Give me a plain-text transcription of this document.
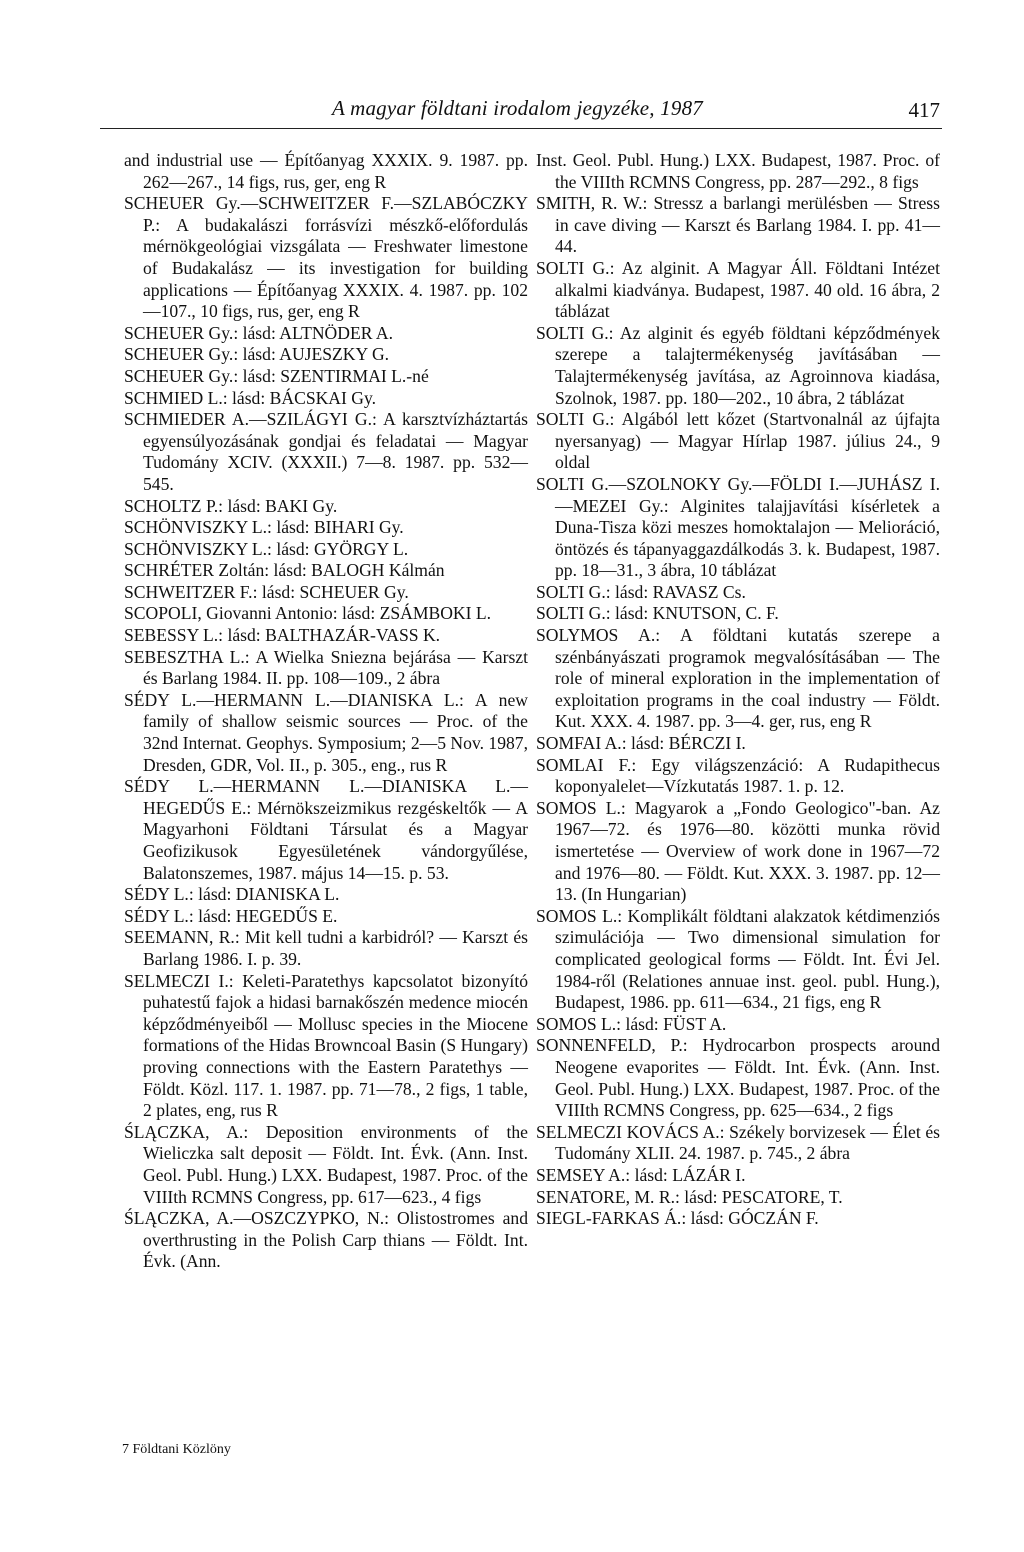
A magyar földtani irodalom jegyzéke, 1987	417
and industrial use — Építőanyag XXXIX. 9. 1987. pp. 262—267., 14 figs, rus, ger, eng R
SCHEUER Gy.—SCHWEITZER F.—SZLABÓCZKY P.: A budakalászi forrásvízi mészkő-előfordulás mérnökgeológiai vizsgálata — Freshwater limestone of Budakalász — its investigation for building applications — Építőanyag XXXIX. 4. 1987. pp. 102—107., 10 figs, rus, ger, eng R
SCHEUER Gy.: lásd: ALTNÖDER A.
SCHEUER Gy.: lásd: AUJESZKY G.
SCHEUER Gy.: lásd: SZENTIRMAI L.-né
SCHMIED L.: lásd: BÁCSKAI Gy.
SCHMIEDER A.—SZILÁGYI G.: A karsztvízháztartás egyensúlyozásának gondjai és feladatai — Magyar Tudomány XCIV. (XXXII.) 7—8. 1987. pp. 532—545.
SCHOLTZ P.: lásd: BAKI Gy.
SCHÖNVISZKY L.: lásd: BIHARI Gy.
SCHÖNVISZKY L.: lásd: GYÖRGY L.
SCHRÉTER Zoltán: lásd: BALOGH Kálmán
SCHWEITZER F.: lásd: SCHEUER Gy.
SCOPOLI, Giovanni Antonio: lásd: ZSÁMBOKI L.
SEBESSY L.: lásd: BALTHAZÁR-VASS K.
SEBESZTHA L.: A Wielka Sniezna bejárása — Karszt és Barlang 1984. II. pp. 108—109., 2 ábra
SÉDY L.—HERMANN L.—DIANISKA L.: A new family of shallow seismic sources — Proc. of the 32nd Internat. Geophys. Symposium; 2—5 Nov. 1987, Dresden, GDR, Vol. II., p. 305., eng., rus R
SÉDY L.—HERMANN L.—DIANISKA L.—HEGEDŰS E.: Mérnökszeizmikus rezgéskeltők — A Magyarhoni Földtani Társulat és a Magyar Geofizikusok Egyesületének vándorgyűlése, Balatonszemes, 1987. május 14—15. p. 53.
SÉDY L.: lásd: DIANISKA L.
SÉDY L.: lásd: HEGEDŰS E.
SEEMANN, R.: Mit kell tudni a karbidról? — Karszt és Barlang 1986. I. p. 39.
SELMECZI I.: Keleti-Paratethys kapcsolatot bizonyító puhatestű fajok a hidasi barnakőszén medence miocén képződményeiből — Mollusc species in the Miocene formations of the Hidas Browncoal Basin (S Hungary) proving connections with the Eastern Paratethys — Földt. Közl. 117. 1. 1987. pp. 71—78., 2 figs, 1 table, 2 plates, eng, rus R
ŚLĄCZKA, A.: Deposition environments of the Wieliczka salt deposit — Földt. Int. Évk. (Ann. Inst. Geol. Publ. Hung.) LXX. Budapest, 1987. Proc. of the VIIIth RCMNS Congress, pp. 617—623., 4 figs
ŚLĄCZKA, A.—OSZCZYPKO, N.: Olistostromes and overthrusting in the Polish Carp thians — Földt. Int. Évk. (Ann.
Inst. Geol. Publ. Hung.) LXX. Budapest, 1987. Proc. of the VIIIth RCMNS Congress, pp. 287—292., 8 figs
SMITH, R. W.: Stressz a barlangi merülésben — Stress in cave diving — Karszt és Barlang 1984. I. pp. 41—44.
SOLTI G.: Az alginit. A Magyar Áll. Földtani Intézet alkalmi kiadványa. Budapest, 1987. 40 old. 16 ábra, 2 táblázat
SOLTI G.: Az alginit és egyéb földtani képződmények szerepe a talajtermékenység javításában — Talajtermékenység javítása, az Agroinnova kiadása, Szolnok, 1987. pp. 180—202., 10 ábra, 2 táblázat
SOLTI G.: Algából lett kőzet (Startvonalnál az újfajta nyersanyag) — Magyar Hírlap 1987. július 24., 9 oldal
SOLTI G.—SZOLNOKY Gy.—FÖLDI I.—JUHÁSZ I.—MEZEI Gy.: Alginites talajjavítási kísérletek a Duna-Tisza közi meszes homoktalajon — Melioráció, öntözés és tápanyaggazdálkodás 3. k. Budapest, 1987. pp. 18—31., 3 ábra, 10 táblázat
SOLTI G.: lásd: RAVASZ Cs.
SOLTI G.: lásd: KNUTSON, C. F.
SOLYMOS A.: A földtani kutatás szerepe a szénbányászati programok megvalósításában — The role of mineral exploration in the implementation of exploitation programs in the coal industry — Földt. Kut. XXX. 4. 1987. pp. 3—4. ger, rus, eng R
SOMFAI A.: lásd: BÉRCZI I.
SOMLAI F.: Egy világszenzáció: A Rudapithecus koponyalelet—Vízkutatás 1987. 1. p. 12.
SOMOS L.: Magyarok a „Fondo Geologico"-ban. Az 1967—72. és 1976—80. közötti munka rövid ismertetése — Overview of work done in 1967—72 and 1976—80. — Földt. Kut. XXX. 3. 1987. pp. 12—13. (In Hungarian)
SOMOS L.: Komplikált földtani alakzatok kétdimenziós szimulációja — Two dimensional simulation for complicated geological forms — Földt. Int. Évi Jel. 1984-ről (Relationes annuae inst. geol. publ. Hung.), Budapest, 1986. pp. 611—634., 21 figs, eng R
SOMOS L.: lásd: FÜST A.
SONNENFELD, P.: Hydrocarbon prospects around Neogene evaporites — Földt. Int. Évk. (Ann. Inst. Geol. Publ. Hung.) LXX. Budapest, 1987. Proc. of the VIIIth RCMNS Congress, pp. 625—634., 2 figs
SELMECZI KOVÁCS A.: Székely borvizesek — Élet és Tudomány XLII. 24. 1987. p. 745., 2 ábra
SEMSEY A.: lásd: LÁZÁR I.
SENATORE, M. R.: lásd: PESCATORE, T.
SIEGL-FARKAS Á.: lásd: GÓCZÁN F.
7 Földtani Közlöny
